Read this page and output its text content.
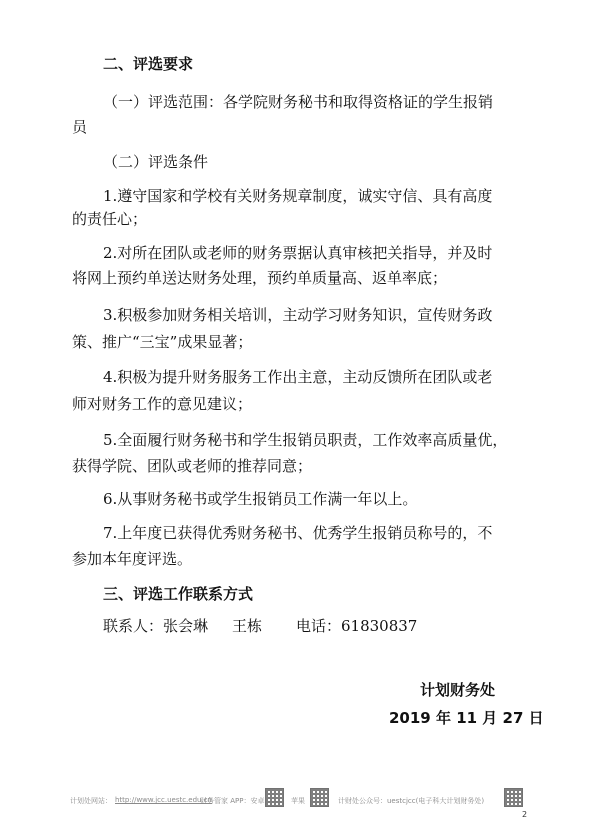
二、评选要求
（一）评选范围：各学院财务秘书和取得资格证的学生报销
员
（二）评选条件
1.遵守国家和学校有关财务规章制度，诚实守信、具有高度
的责任心；
2.对所在团队或老师的财务票据认真审核把关指导，并及时
将网上预约单送达财务处理，预约单质量高、返单率底；
3.积极参加财务相关培训，主动学习财务知识，宣传财务政
策、推广“三宝”成果显著；
4.积极为提升财务服务工作出主意，主动反馈所在团队或老
师对财务工作的意见建议；
5.全面履行财务秘书和学生报销员职责，工作效率高质量优，
获得学院、团队或老师的推荐同意；
6.从事财务秘书或学生报销员工作满一年以上。
7.上年度已获得优秀财务秘书、优秀学生报销员称号的，不
参加本年度评选。
三、评选工作联系方式
联系人：张会琳 王栋 电话：61830837
计划财务处
2019 年 11 月 27 日
计划处网站： http://www.jcc.uestc.edu.cn
财务管家 APP：安卓	苹果	计财处公众号：uestcjcc(电子科大计划财务处)
2
